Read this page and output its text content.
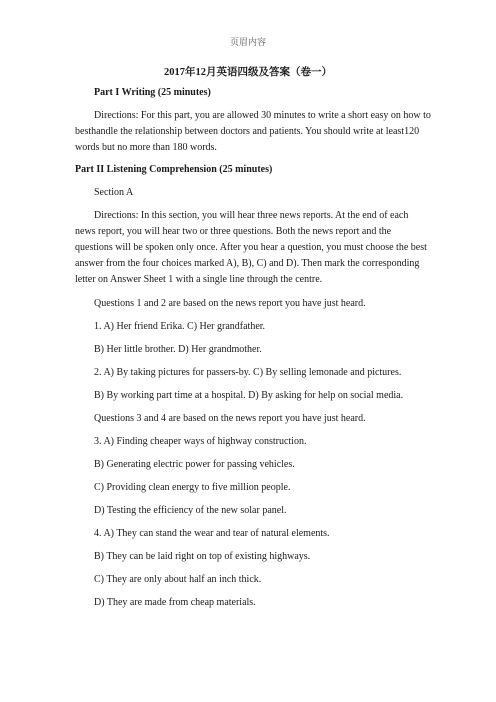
页眉内容
2017年12月英语四级及答案（卷一）
Part I Writing (25 minutes)
Directions: For this part, you are allowed 30 minutes to write a short easy on how to besthandle the relationship between doctors and patients. You should write at least120 words but no more than 180 words.
Part II Listening Comprehension (25 minutes)
Section A
Directions: In this section, you will hear three news reports. At the end of each news report, you will hear two or three questions. Both the news report and the questions will be spoken only once. After you hear a question, you must choose the best answer from the four choices marked A), B), C) and D). Then mark the corresponding letter on Answer Sheet 1 with a single line through the centre.
Questions 1 and 2 are based on the news report you have just heard.
1. A) Her friend Erika. C) Her grandfather.
B) Her little brother. D) Her grandmother.
2. A) By taking pictures for passers-by. C) By selling lemonade and pictures.
B) By working part time at a hospital. D) By asking for help on social media.
Questions 3 and 4 are based on the news report you have just heard.
3. A) Finding cheaper ways of highway construction.
B) Generating electric power for passing vehicles.
C) Providing clean energy to five million people.
D) Testing the efficiency of the new solar panel.
4. A) They can stand the wear and tear of natural elements.
B) They can be laid right on top of existing highways.
C) They are only about half an inch thick.
D) They are made from cheap materials.
